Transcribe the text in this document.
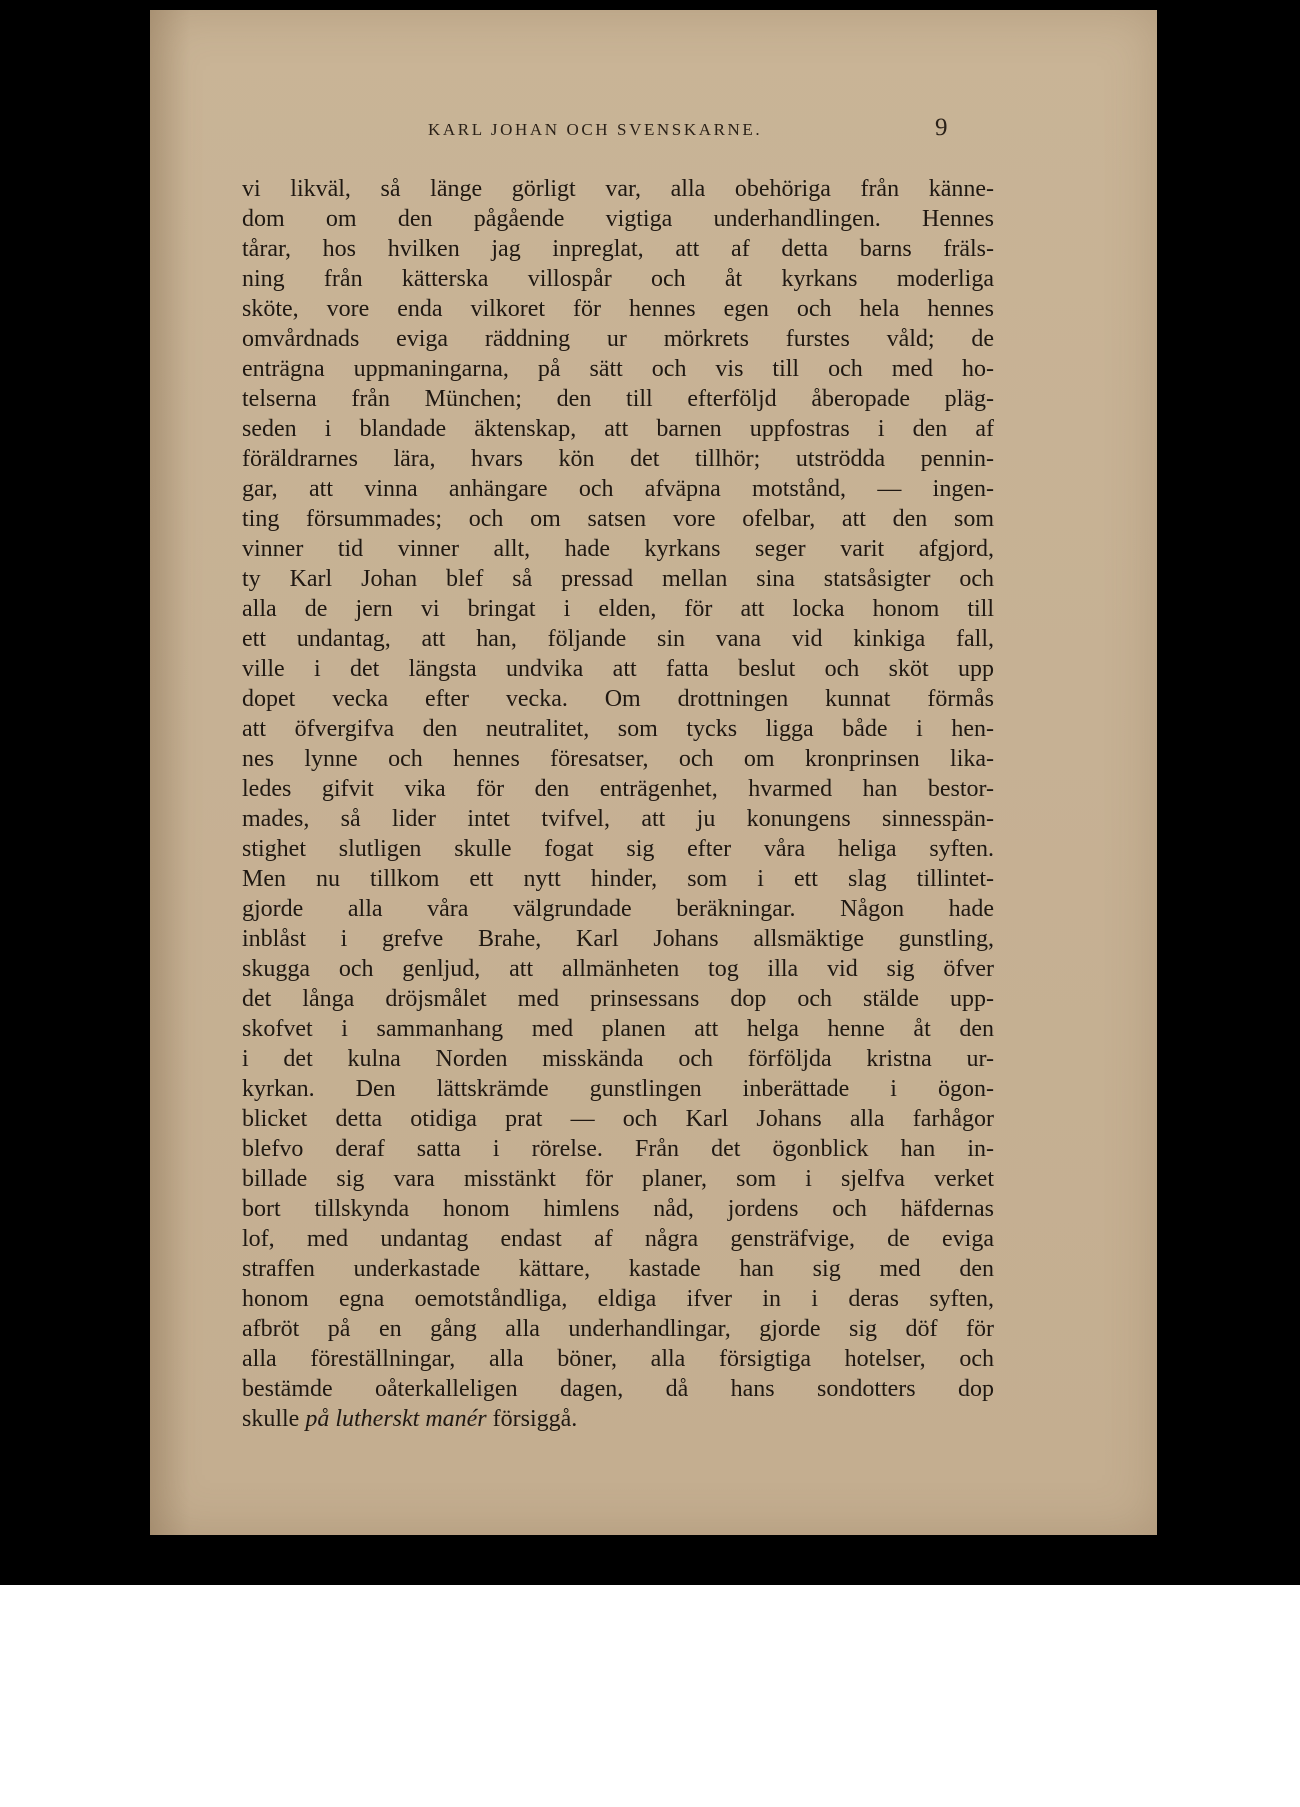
KARL JOHAN OCH SVENSKARNE.	9
vi likväl, så länge görligt var, alla obehöriga från känne-
dom om den pågående vigtiga underhandlingen. Hennes
tårar, hos hvilken jag inpreglat, att af detta barns fräls-
ning från kätterska villospår och åt kyrkans moderliga
sköte, vore enda vilkoret för hennes egen och hela hennes
omvårdnads eviga räddning ur mörkrets furstes våld; de
enträgna uppmaningarna, på sätt och vis till och med ho-
telserna från München; den till efterföljd åberopade pläg-
seden i blandade äktenskap, att barnen uppfostras i den af
föräldrarnes lära, hvars kön det tillhör; utströdda pennin-
gar, att vinna anhängare och afväpna motstånd, — ingen-
ting försummades; och om satsen vore ofelbar, att den som
vinner tid vinner allt, hade kyrkans seger varit afgjord,
ty Karl Johan blef så pressad mellan sina statsåsigter och
alla de jern vi bringat i elden, för att locka honom till
ett undantag, att han, följande sin vana vid kinkiga fall,
ville i det längsta undvika att fatta beslut och sköt upp
dopet vecka efter vecka. Om drottningen kunnat förmås
att öfvergifva den neutralitet, som tycks ligga både i hen-
nes lynne och hennes föresatser, och om kronprinsen lika-
ledes gifvit vika för den enträgenhet, hvarmed han bestor-
mades, så lider intet tvifvel, att ju konungens sinnesspän-
stighet slutligen skulle fogat sig efter våra heliga syften.
Men nu tillkom ett nytt hinder, som i ett slag tillintet-
gjorde alla våra välgrundade beräkningar. Någon hade
inblåst i grefve Brahe, Karl Johans allsmäktige gunstling,
skugga och genljud, att allmänheten tog illa vid sig öfver
det långa dröjsmålet med prinsessans dop och stälde upp-
skofvet i sammanhang med planen att helga henne åt den
i det kulna Norden misskända och förföljda kristna ur-
kyrkan. Den lättskrämde gunstlingen inberättade i ögon-
blicket detta otidiga prat — och Karl Johans alla farhågor
blefvo deraf satta i rörelse. Från det ögonblick han in-
billade sig vara misstänkt för planer, som i sjelfva verket
bort tillskynda honom himlens nåd, jordens och häfdernas
lof, med undantag endast af några gensträfvige, de eviga
straffen underkastade kättare, kastade han sig med den
honom egna oemotståndliga, eldiga ifver in i deras syften,
afbröt på en gång alla underhandlingar, gjorde sig döf för
alla föreställningar, alla böner, alla försigtiga hotelser, och
bestämde oåterkalleligen dagen, då hans sondotters dop
skulle på lutherskt manér försiggå.
